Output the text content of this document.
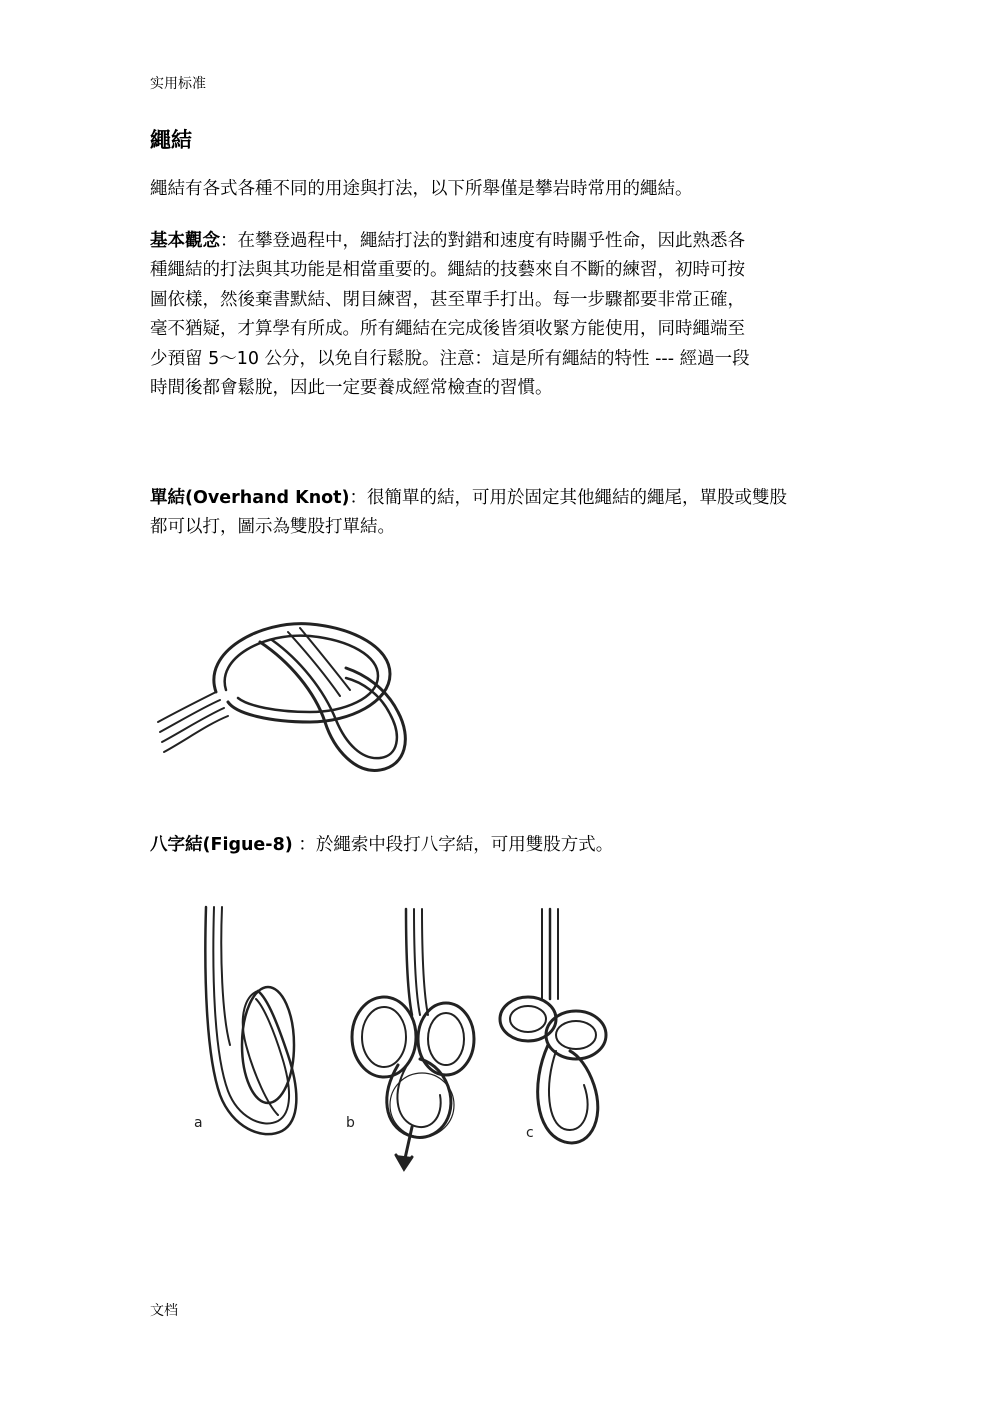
实用标准
繩結
繩結有各式各種不同的用途與打法，以下所舉僅是攀岩時常用的繩結。
基本觀念：在攀登過程中，繩結打法的對錯和速度有時關乎性命，因此熟悉各
種繩結的打法與其功能是相當重要的。繩結的技藝來自不斷的練習，初時可按
圖依樣，然後棄書默結、閉目練習，甚至單手打出。每一步驟都要非常正確，
毫不猶疑，才算學有所成。所有繩結在完成後皆須收緊方能使用，同時繩端至
少預留 5～10 公分，以免自行鬆脫。注意：這是所有繩結的特性 --- 經過一段
時間後都會鬆脫，因此一定要養成經常檢查的習慣。
單結(Overhand Knot)：很簡單的結，可用於固定其他繩結的繩尾，單股或雙股
都可以打，圖示為雙股打單結。
八字結(Figue-8) ：於繩索中段打八字結，可用雙股方式。
a	b
c
文档
